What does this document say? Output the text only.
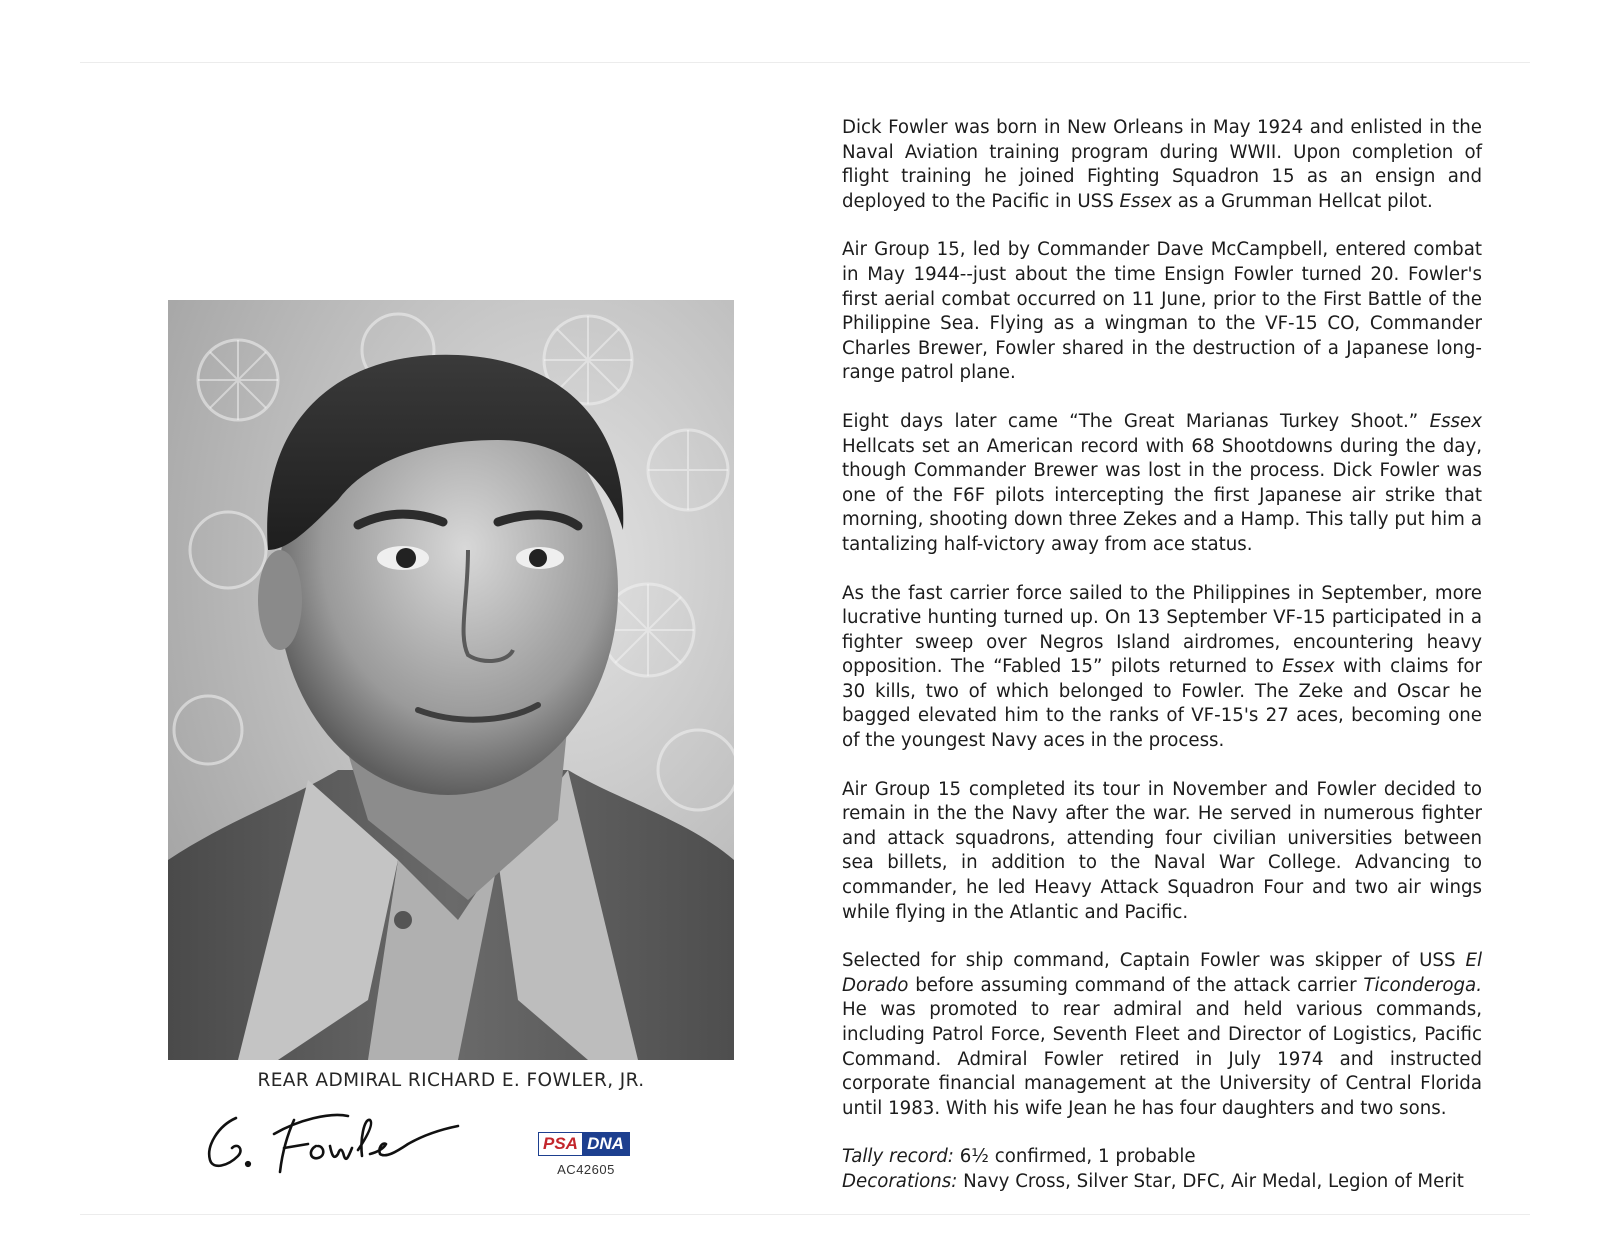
REAR ADMIRAL RICHARD E. FOWLER, JR.
PSA DNA
AC42605

Dick Fowler was born in New Orleans in May 1924 and enlisted in the Naval Aviation training program during WWII. Upon completion of flight training he joined Fighting Squadron 15 as an ensign and deployed to the Pacific in USS Essex as a Grumman Hellcat pilot.

Air Group 15, led by Commander Dave McCampbell, entered combat in May 1944--just about the time Ensign Fowler turned 20. Fowler's first aerial combat occurred on 11 June, prior to the First Battle of the Philippine Sea. Flying as a wingman to the VF-15 CO, Commander Charles Brewer, Fowler shared in the destruction of a Japanese long-range patrol plane.

Eight days later came “The Great Marianas Turkey Shoot.” Essex Hellcats set an American record with 68 Shootdowns during the day, though Commander Brewer was lost in the process. Dick Fowler was one of the F6F pilots intercepting the first Japanese air strike that morning, shooting down three Zekes and a Hamp. This tally put him a tantalizing half-victory away from ace status.

As the fast carrier force sailed to the Philippines in September, more lucrative hunting turned up. On 13 September VF-15 participated in a fighter sweep over Negros Island airdromes, encountering heavy opposition. The “Fabled 15” pilots returned to Essex with claims for 30 kills, two of which belonged to Fowler. The Zeke and Oscar he bagged elevated him to the ranks of VF-15's 27 aces, becoming one of the youngest Navy aces in the process.

Air Group 15 completed its tour in November and Fowler decided to remain in the the Navy after the war. He served in numerous fighter and attack squadrons, attending four civilian universities between sea billets, in addition to the Naval War College. Advancing to commander, he led Heavy Attack Squadron Four and two air wings while flying in the Atlantic and Pacific.

Selected for ship command, Captain Fowler was skipper of USS El Dorado before assuming command of the attack carrier Ticonderoga. He was promoted to rear admiral and held various commands, including Patrol Force, Seventh Fleet and Director of Logistics, Pacific Command. Admiral Fowler retired in July 1974 and instructed corporate financial management at the University of Central Florida until 1983. With his wife Jean he has four daughters and two sons.

Tally record: 6½ confirmed, 1 probable
Decorations: Navy Cross, Silver Star, DFC, Air Medal, Legion of Merit
